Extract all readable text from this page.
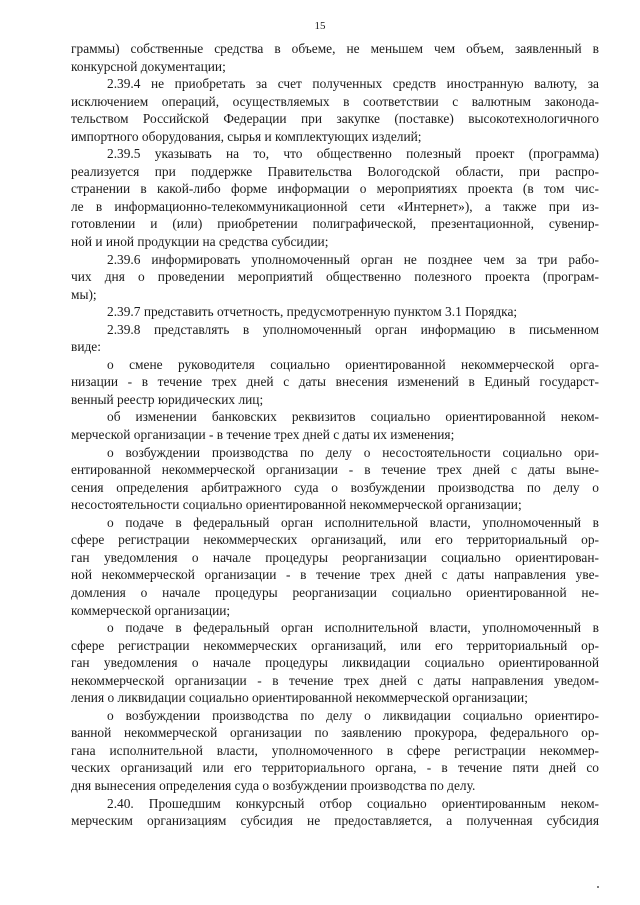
15
граммы) собственные средства в объеме, не меньшем чем объем, заявленный в
конкурсной документации;
2.39.4 не приобретать за счет полученных средств иностранную валюту, за
исключением операций, осуществляемых в соответствии с валютным законода-
тельством Российской Федерации при закупке (поставке) высокотехнологичного
импортного оборудования, сырья и комплектующих изделий;
2.39.5 указывать на то, что общественно полезный проект (программа)
реализуется при поддержке Правительства Вологодской области, при распро-
странении в какой-либо форме информации о мероприятиях проекта (в том чис-
ле в информационно-телекоммуникационной сети «Интернет»), а также при из-
готовлении и (или) приобретении полиграфической, презентационной, сувенир-
ной и иной продукции на средства субсидии;
2.39.6 информировать уполномоченный орган не позднее чем за три рабо-
чих дня о проведении мероприятий общественно полезного проекта (програм-
мы);
2.39.7 представить отчетность, предусмотренную пунктом 3.1 Порядка;
2.39.8 представлять в уполномоченный орган информацию в письменном
виде:
о смене руководителя социально ориентированной некоммерческой орга-
низации - в течение трех дней с даты внесения изменений в Единый государст-
венный реестр юридических лиц;
об изменении банковских реквизитов социально ориентированной неком-
мерческой организации - в течение трех дней с даты их изменения;
о возбуждении производства по делу о несостоятельности социально ори-
ентированной некоммерческой организации - в течение трех дней с даты выне-
сения определения арбитражного суда о возбуждении производства по делу о
несостоятельности социально ориентированной некоммерческой организации;
о подаче в федеральный орган исполнительной власти, уполномоченный в
сфере регистрации некоммерческих организаций, или его территориальный ор-
ган уведомления о начале процедуры реорганизации социально ориентирован-
ной некоммерческой организации - в течение трех дней с даты направления уве-
домления о начале процедуры реорганизации социально ориентированной не-
коммерческой организации;
о подаче в федеральный орган исполнительной власти, уполномоченный в
сфере регистрации некоммерческих организаций, или его территориальный ор-
ган уведомления о начале процедуры ликвидации социально ориентированной
некоммерческой организации - в течение трех дней с даты направления уведом-
ления о ликвидации социально ориентированной некоммерческой организации;
о возбуждении производства по делу о ликвидации социально ориентиро-
ванной некоммерческой организации по заявлению прокурора, федерального ор-
гана исполнительной власти, уполномоченного в сфере регистрации некоммер-
ческих организаций или его территориального органа, - в течение пяти дней со
дня вынесения определения суда о возбуждении производства по делу.
2.40. Прошедшим конкурсный отбор социально ориентированным неком-
мерческим организациям субсидия не предоставляется, а полученная субсидия
